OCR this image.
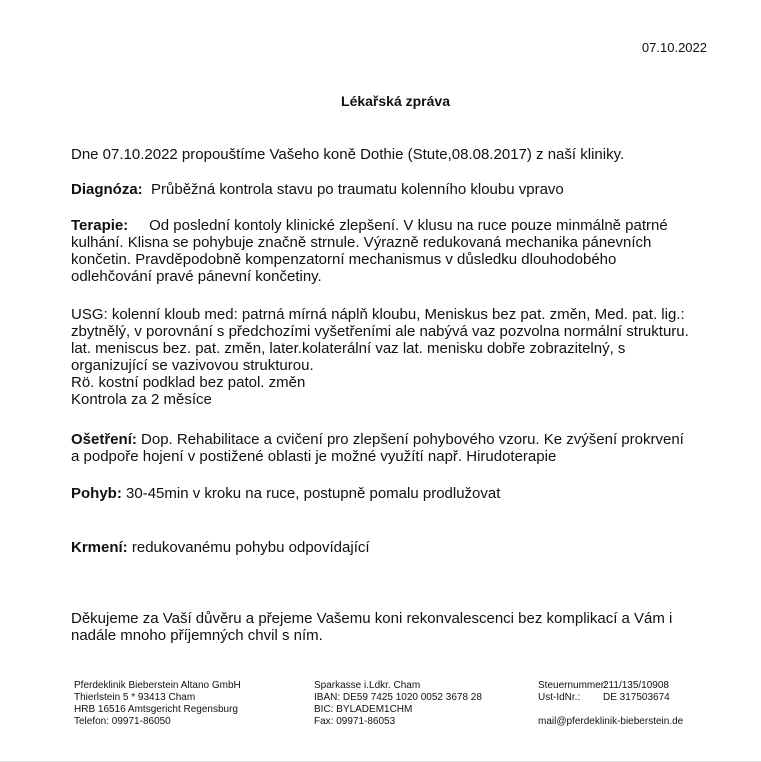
07.10.2022
Lékařská zpráva
Dne 07.10.2022 propouštíme Vašeho koně Dothie (Stute,08.08.2017) z naší kliniky.
Diagnóza: Průběžná kontrola stavu po traumatu kolenního kloubu vpravo
Terapie: Od poslední kontoly klinické zlepšení. V klusu na ruce pouze minmálně patrné
kulhání. Klisna se pohybuje značně strnule. Výrazně redukovaná mechanika pánevních
končetin. Pravděpodobně kompenzatorní mechanismus v důsledku dlouhodobého
odlehčování pravé pánevní končetiny.
USG: kolenní kloub med: patrná mírná náplň kloubu, Meniskus bez pat. změn, Med. pat. lig.:
zbytnělý, v porovnání s předchozími vyšetřeními ale nabývá vaz pozvolna normální strukturu.
lat. meniscus bez. pat. změn, later.kolaterální vaz lat. menisku dobře zobrazitelný, s
organizující se vazivovou strukturou.
Rö. kostní podklad bez patol. změn
Kontrola za 2 měsíce
Ošetření: Dop. Rehabilitace a cvičení pro zlepšení pohybového vzoru. Ke zvýšení prokrvení
a podpoře hojení v postižené oblasti je možné využítí např. Hirudoterapie
Pohyb: 30-45min v kroku na ruce, postupně pomalu prodlužovat
Krmení: redukovanému pohybu odpovídající
Děkujeme za Vaší důvěru a přejeme Vašemu koni rekonvalescenci bez komplikací a Vám i
nadále mnoho příjemných chvil s ním.
Pferdeklinik Bieberstein Altano GmbH
Thierlstein 5 * 93413 Cham
HRB 16516 Amtsgericht Regensburg
Telefon: 09971-86050
Sparkasse i.Ldkr. Cham
IBAN: DE59 7425 1020 0052 3678 28
BIC: BYLADEM1CHM
Fax: 09971-86053
Steuernummer:
211/135/10908
Ust-IdNr.:	DE 317503674
mail@pferdeklinik-bieberstein.de
